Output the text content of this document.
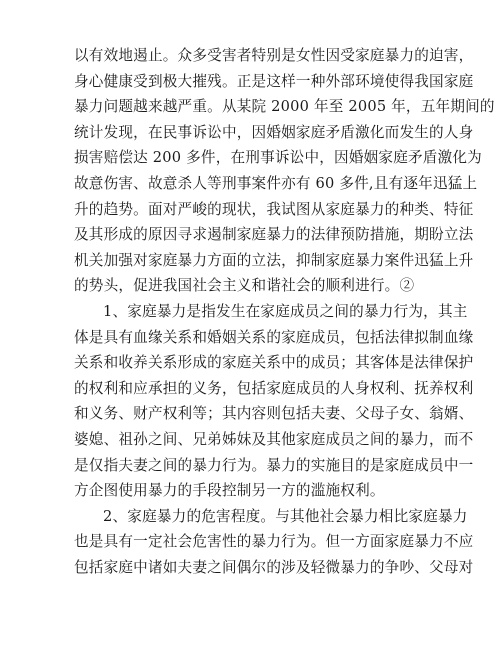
以有效地遏止。众多受害者特别是女性因受家庭暴力的迫害，
身心健康受到极大摧残。正是这样一种外部环境使得我国家庭
暴力问题越来越严重。从某院 2000 年至 2005 年，五年期间的
统计发现，在民事诉讼中，因婚姻家庭矛盾激化而发生的人身
损害赔偿达 200 多件，在刑事诉讼中，因婚姻家庭矛盾激化为
故意伤害、故意杀人等刑事案件亦有 60 多件,且有逐年迅猛上
升的趋势。面对严峻的现状，我试图从家庭暴力的种类、特征
及其形成的原因寻求遏制家庭暴力的法律预防措施，期盼立法
机关加强对家庭暴力方面的立法，抑制家庭暴力案件迅猛上升
的势头，促进我国社会主义和谐社会的顺利进行。②
1、家庭暴力是指发生在家庭成员之间的暴力行为，其主
体是具有血缘关系和婚姻关系的家庭成员，包括法律拟制血缘
关系和收养关系形成的家庭关系中的成员；其客体是法律保护
的权利和应承担的义务，包括家庭成员的人身权利、抚养权利
和义务、财产权利等；其内容则包括夫妻、父母子女、翁婿、
婆媳、祖孙之间、兄弟姊妹及其他家庭成员之间的暴力，而不
是仅指夫妻之间的暴力行为。暴力的实施目的是家庭成员中一
方企图使用暴力的手段控制另一方的滥施权利。
2、家庭暴力的危害程度。与其他社会暴力相比家庭暴力
也是具有一定社会危害性的暴力行为。但一方面家庭暴力不应
包括家庭中诸如夫妻之间偶尔的涉及轻微暴力的争吵、父母对
